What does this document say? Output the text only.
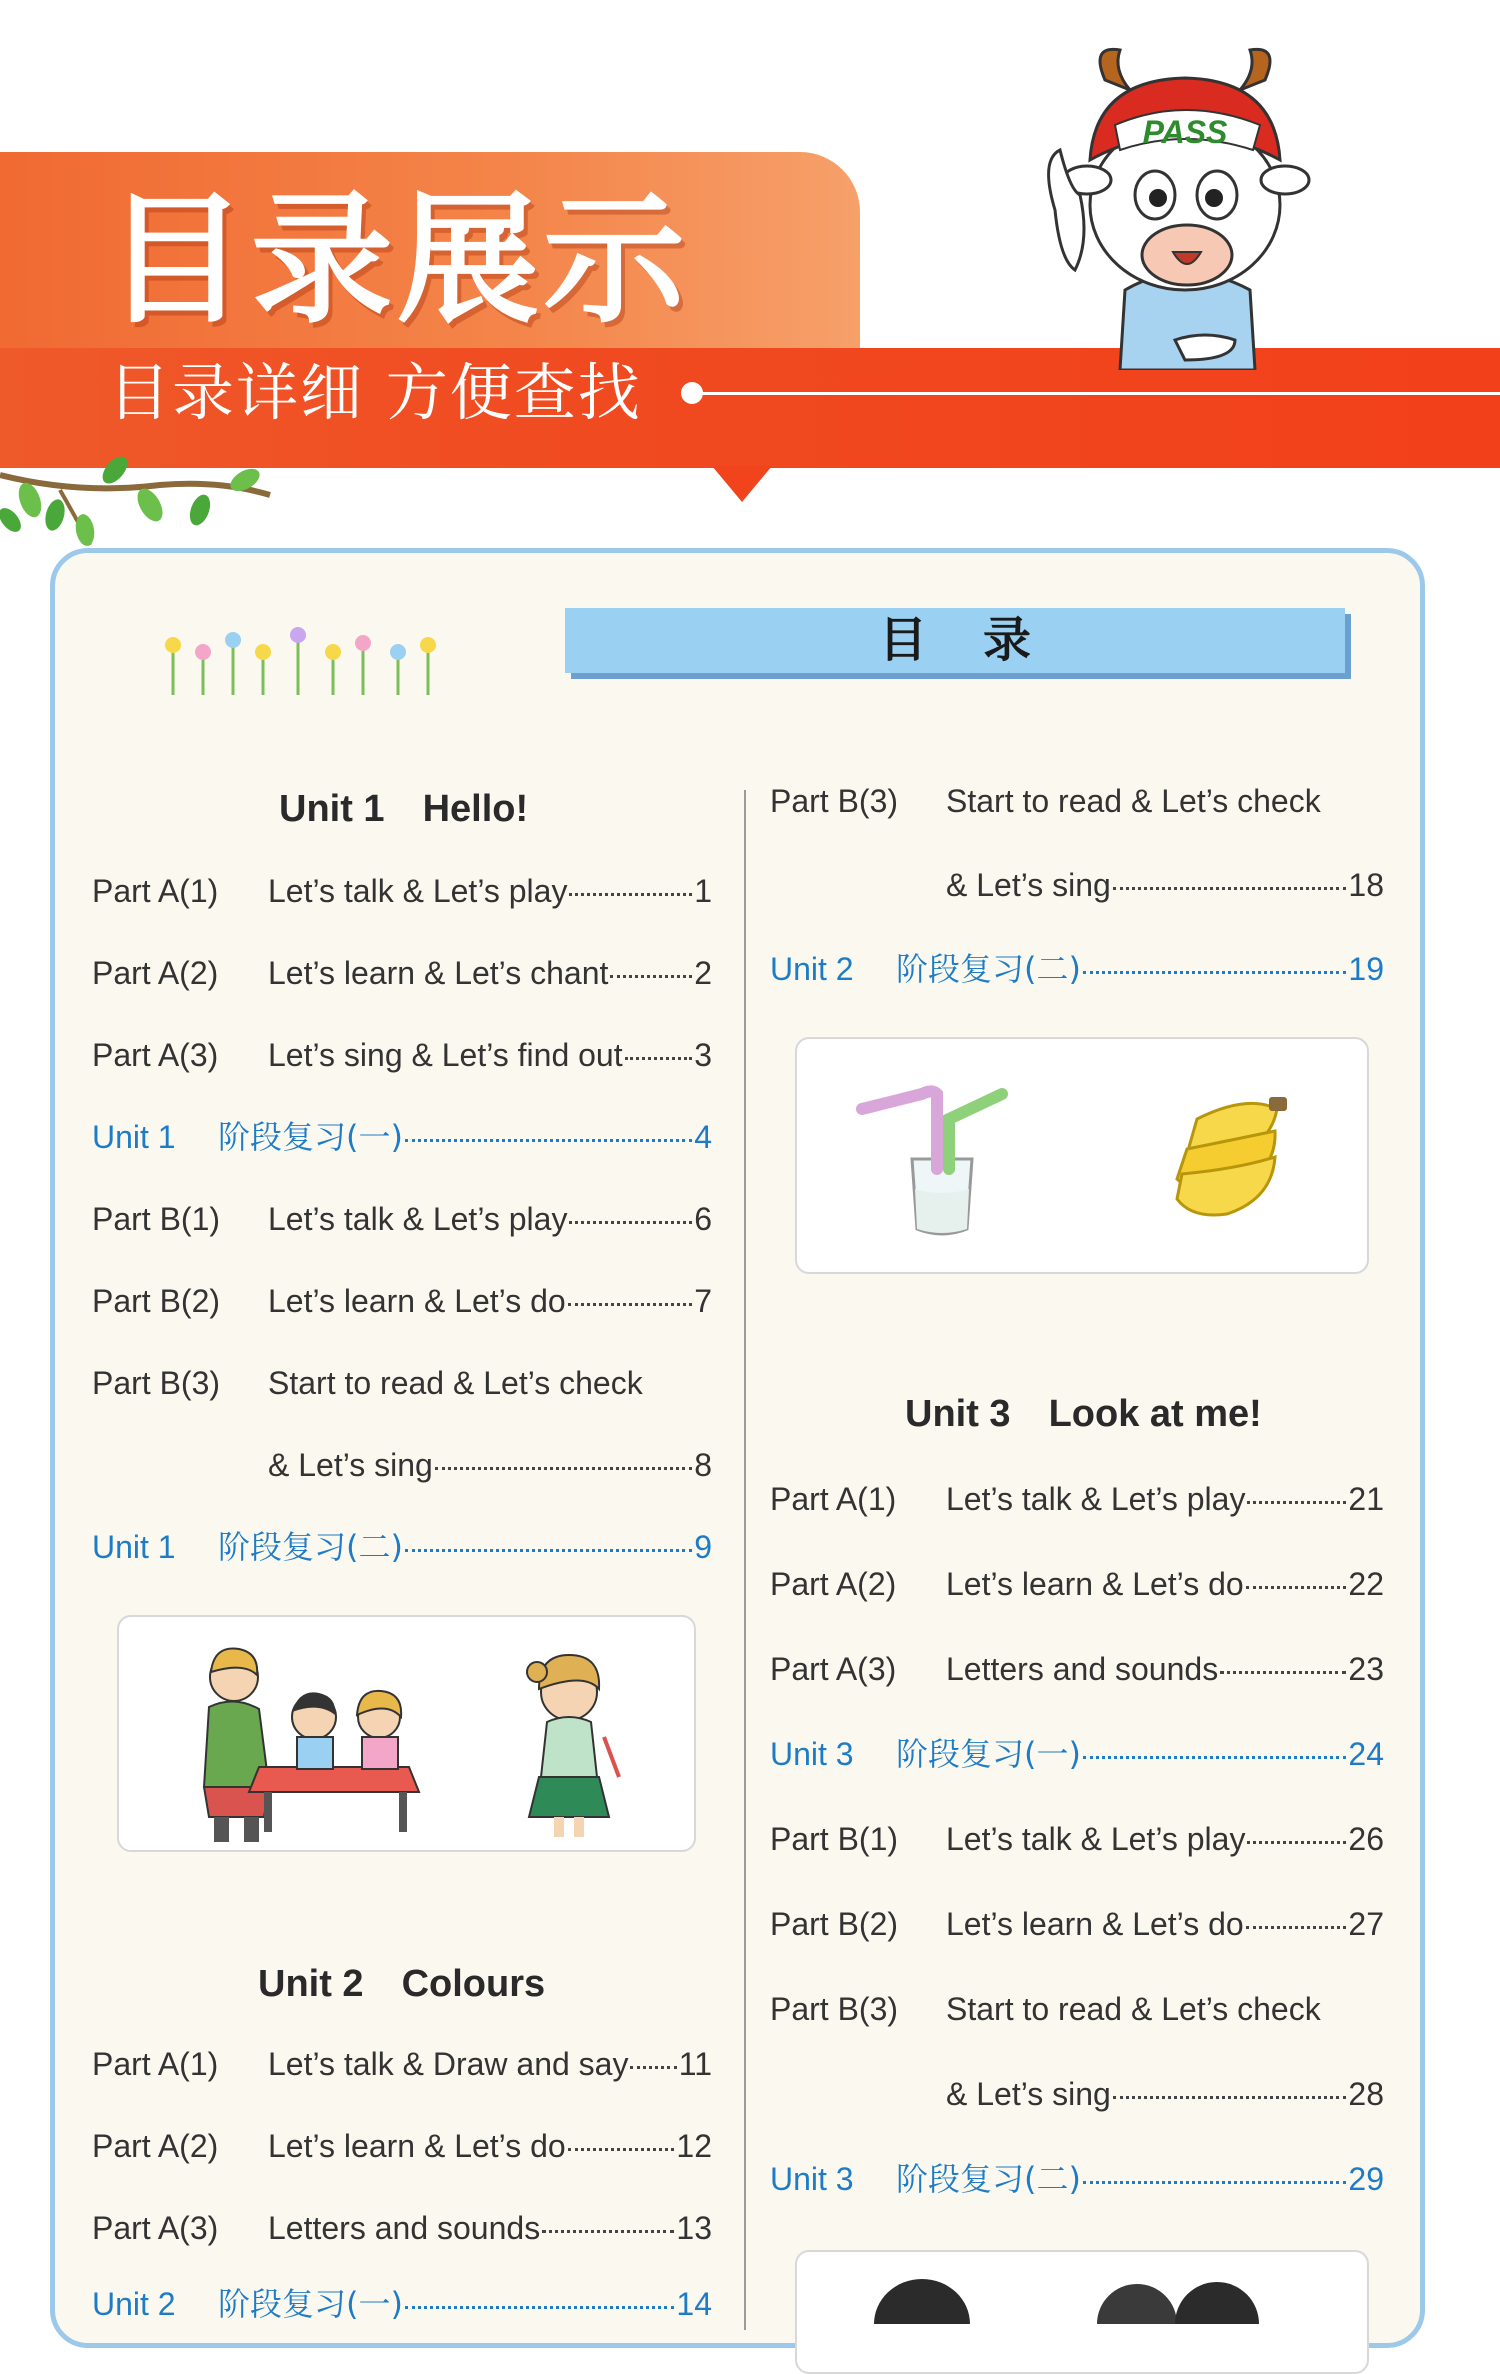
目录展示
目录详细 方便查找
PASS
目录
Unit 1 Hello!
Part A(1)	Let’s talk & Let’s play	1
Part A(2)	Let’s learn & Let’s chant	2
Part A(3)	Let’s sing & Let’s find out 3
Unit 1	阶段复习(一)	4
Part B(1)	Let’s talk & Let’s play	6
Part B(2)	Let’s learn & Let’s do	7
Part B(3)	Start to read & Let’s check
& Let’s sing	8
Unit 1	阶段复习(二)	9
Unit 2 Colours
Part A(1)	Let’s talk & Draw and say 11
Part A(2)	Let’s learn & Let’s do	12
Part A(3)	Letters and sounds	13
Unit 2	阶段复习(一)	14
Part B(3)	Start to read & Let’s check
& Let’s sing	18
Unit 2	阶段复习(二)	19
Unit 3 Look at me!
Part A(1)	Let’s talk & Let’s play	21
Part A(2)	Let’s learn & Let’s do	22
Part A(3)	Letters and sounds	23
Unit 3	阶段复习(一)	24
Part B(1)	Let’s talk & Let’s play	26
Part B(2)	Let’s learn & Let’s do	27
Part B(3)	Start to read & Let’s check
& Let’s sing	28
Unit 3	阶段复习(二)	29
